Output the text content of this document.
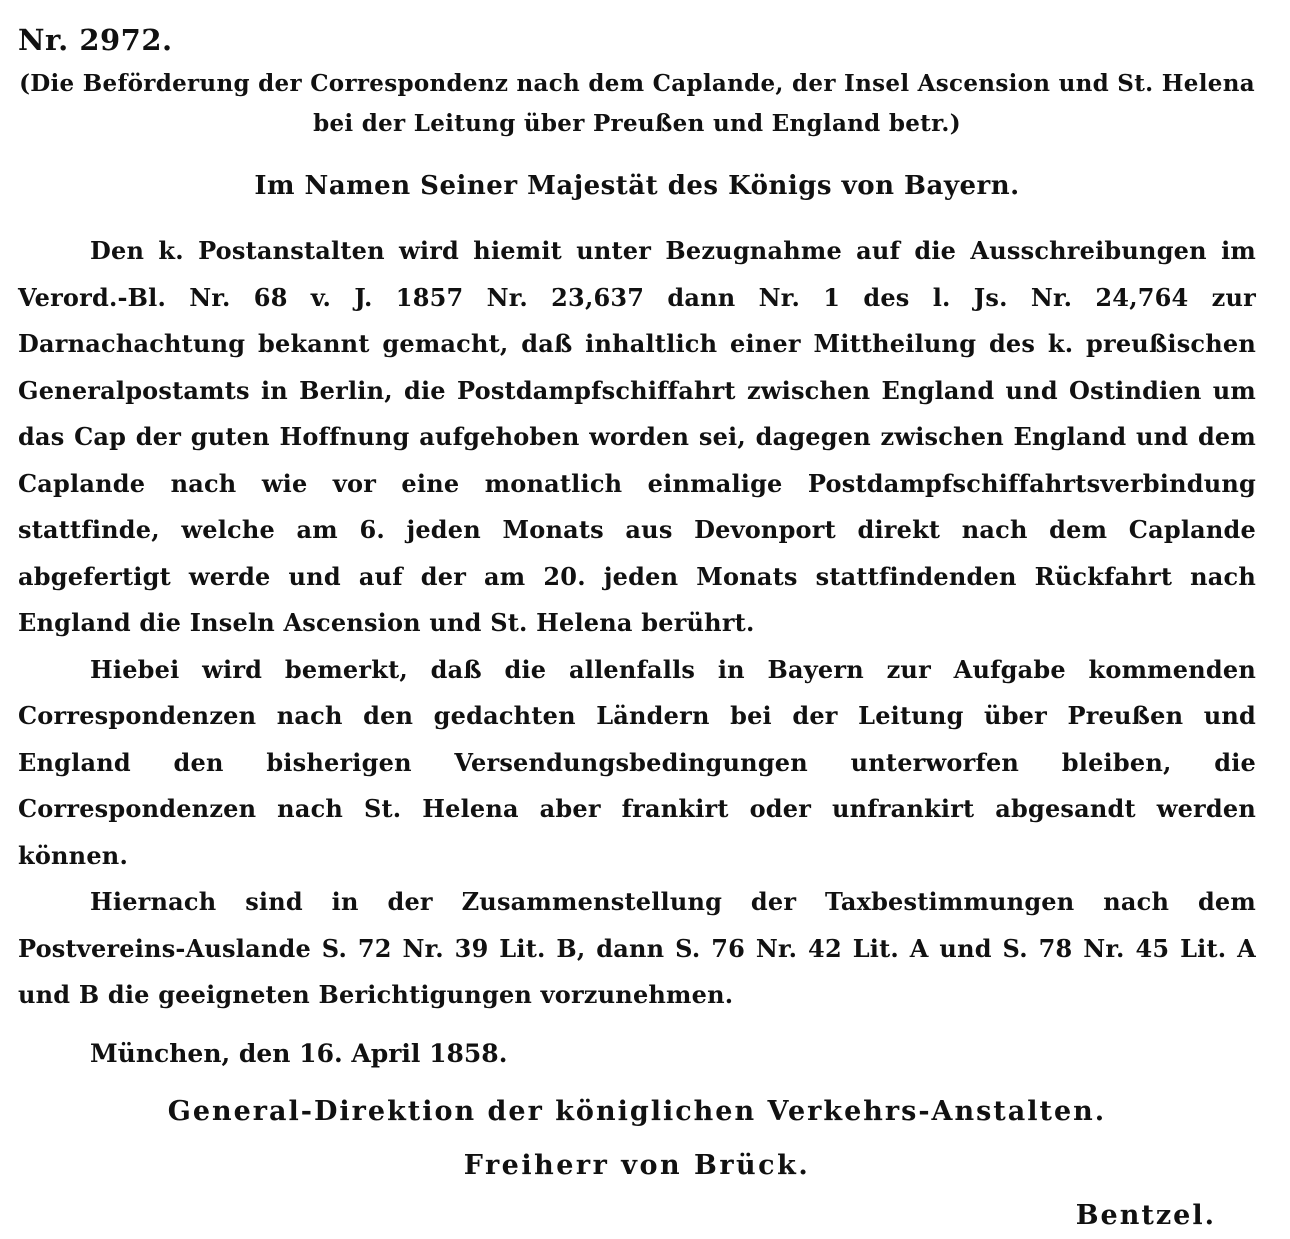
Nr. 2972.

(Die Beförderung der Correspondenz nach dem Caplande, der Insel Ascension und St. Helena bei der Leitung über Preußen und England betr.)

Im Namen Seiner Majestät des Königs von Bayern.

Den k. Postanstalten wird hiemit unter Bezugnahme auf die Ausschreibungen im Verord.-Bl. Nr. 68 v. J. 1857 Nr. 23,637 dann Nr. 1 des l. Js. Nr. 24,764 zur Darnachachtung bekannt gemacht, daß inhaltlich einer Mittheilung des k. preußischen Generalpostamts in Berlin, die Postdampfschiffahrt zwischen England und Ostindien um das Cap der guten Hoffnung aufgehoben worden sei, dagegen zwischen England und dem Caplande nach wie vor eine monatlich einmalige Postdampfschiffahrtsverbindung stattfinde, welche am 6. jeden Monats aus Devonport direkt nach dem Caplande abgefertigt werde und auf der am 20. jeden Monats stattfindenden Rückfahrt nach England die Inseln Ascension und St. Helena berührt.

Hiebei wird bemerkt, daß die allenfalls in Bayern zur Aufgabe kommenden Correspondenzen nach den gedachten Ländern bei der Leitung über Preußen und England den bisherigen Versendungsbedingungen unterworfen bleiben, die Correspondenzen nach St. Helena aber frankirt oder unfrankirt abgesandt werden können.

Hiernach sind in der Zusammenstellung der Taxbestimmungen nach dem Postvereins-Auslande S. 72 Nr. 39 Lit. B, dann S. 76 Nr. 42 Lit. A und S. 78 Nr. 45 Lit. A und B die geeigneten Berichtigungen vorzunehmen.

München, den 16. April 1858.

General-Direktion der königlichen Verkehrs-Anstalten.

Freiherr von Brück.

Bentzel.
